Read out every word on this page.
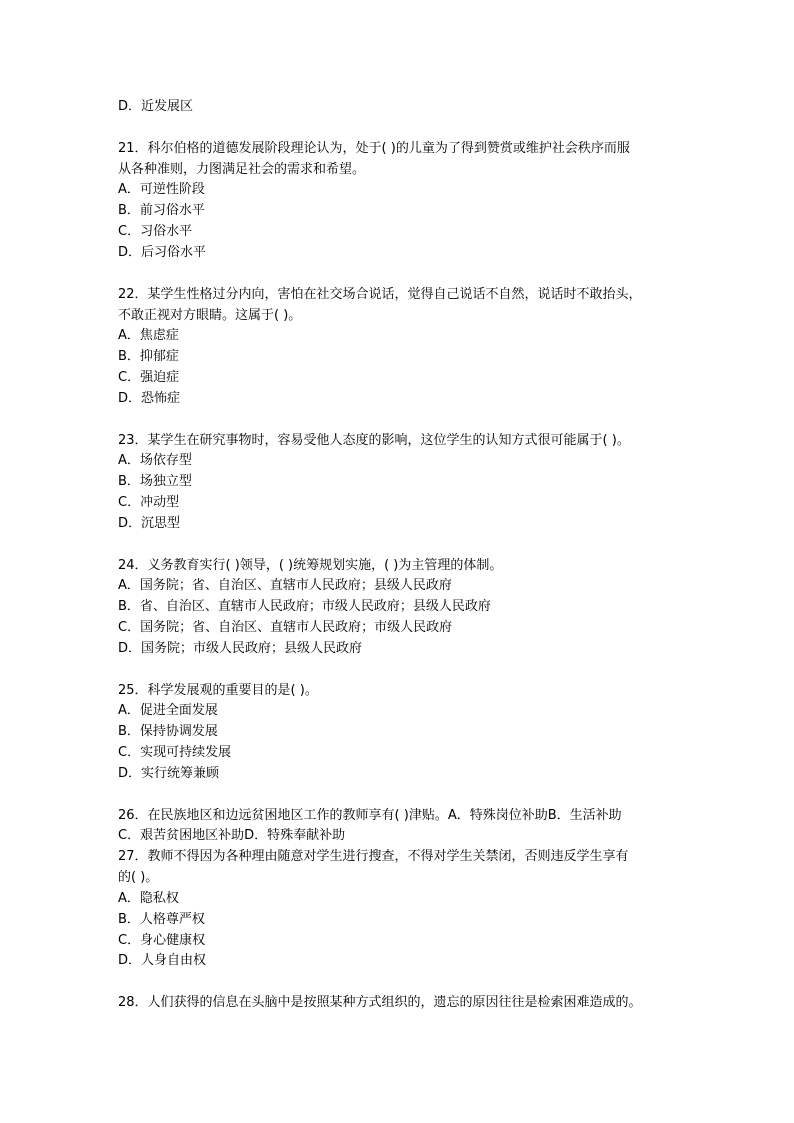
D．近发展区
21．科尔伯格的道德发展阶段理论认为，处于( )的儿童为了得到赞赏或维护社会秩序而服
从各种准则，力图满足社会的需求和希望。
A．可逆性阶段
B．前习俗水平
C．习俗水平
D．后习俗水平
22．某学生性格过分内向，害怕在社交场合说话，觉得自己说话不自然，说话时不敢抬头，
不敢正视对方眼睛。这属于( )。
A．焦虑症
B．抑郁症
C．强迫症
D．恐怖症
23．某学生在研究事物时，容易受他人态度的影响，这位学生的认知方式很可能属于( )。
A．场依存型
B．场独立型
C．冲动型
D．沉思型
24．义务教育实行( )领导，( )统筹规划实施，( )为主管理的体制。
A．国务院；省、自治区、直辖市人民政府；县级人民政府
B．省、自治区、直辖市人民政府；市级人民政府；县级人民政府
C．国务院；省、自治区、直辖市人民政府；市级人民政府
D．国务院；市级人民政府；县级人民政府
25．科学发展观的重要目的是( )。
A．促进全面发展
B．保持协调发展
C．实现可持续发展
D．实行统筹兼顾
26．在民族地区和边远贫困地区工作的教师享有( )津贴。A．特殊岗位补助B．生活补助
C．艰苦贫困地区补助D．特殊奉献补助
27．教师不得因为各种理由随意对学生进行搜查，不得对学生关禁闭，否则违反学生享有
的( )。
A．隐私权
B．人格尊严权
C．身心健康权
D．人身自由权
28．人们获得的信息在头脑中是按照某种方式组织的，遗忘的原因往往是检索困难造成的。
